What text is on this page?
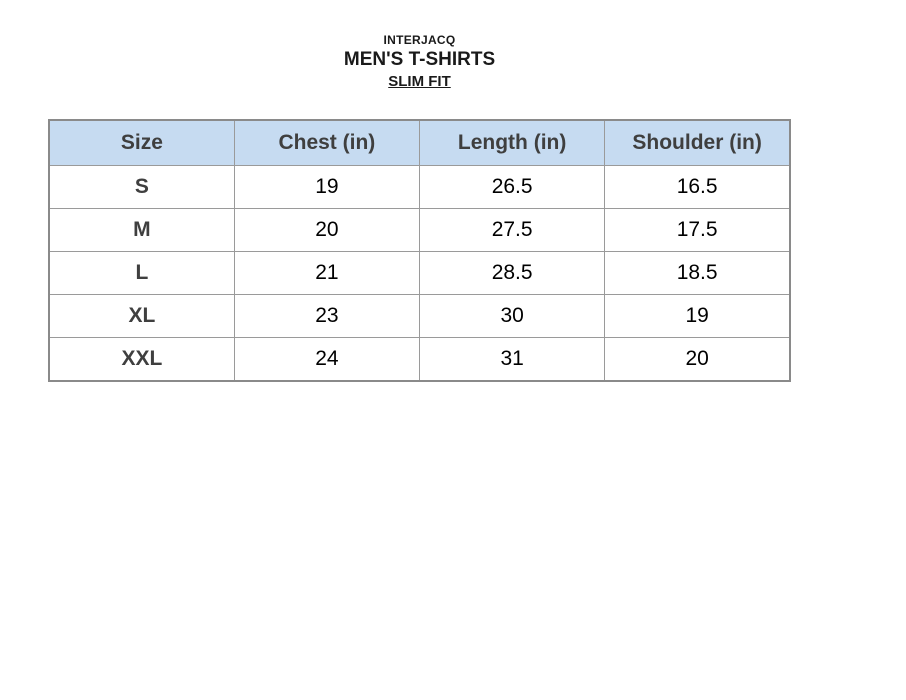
INTERJACQ
MEN'S T-SHIRTS
SLIM FIT
Size	Chest (in)	Length (in)	Shoulder (in)
S	19	26.5	16.5
M	20	27.5	17.5
L	21	28.5	18.5
XL	23	30	19
XXL	24	31	20
